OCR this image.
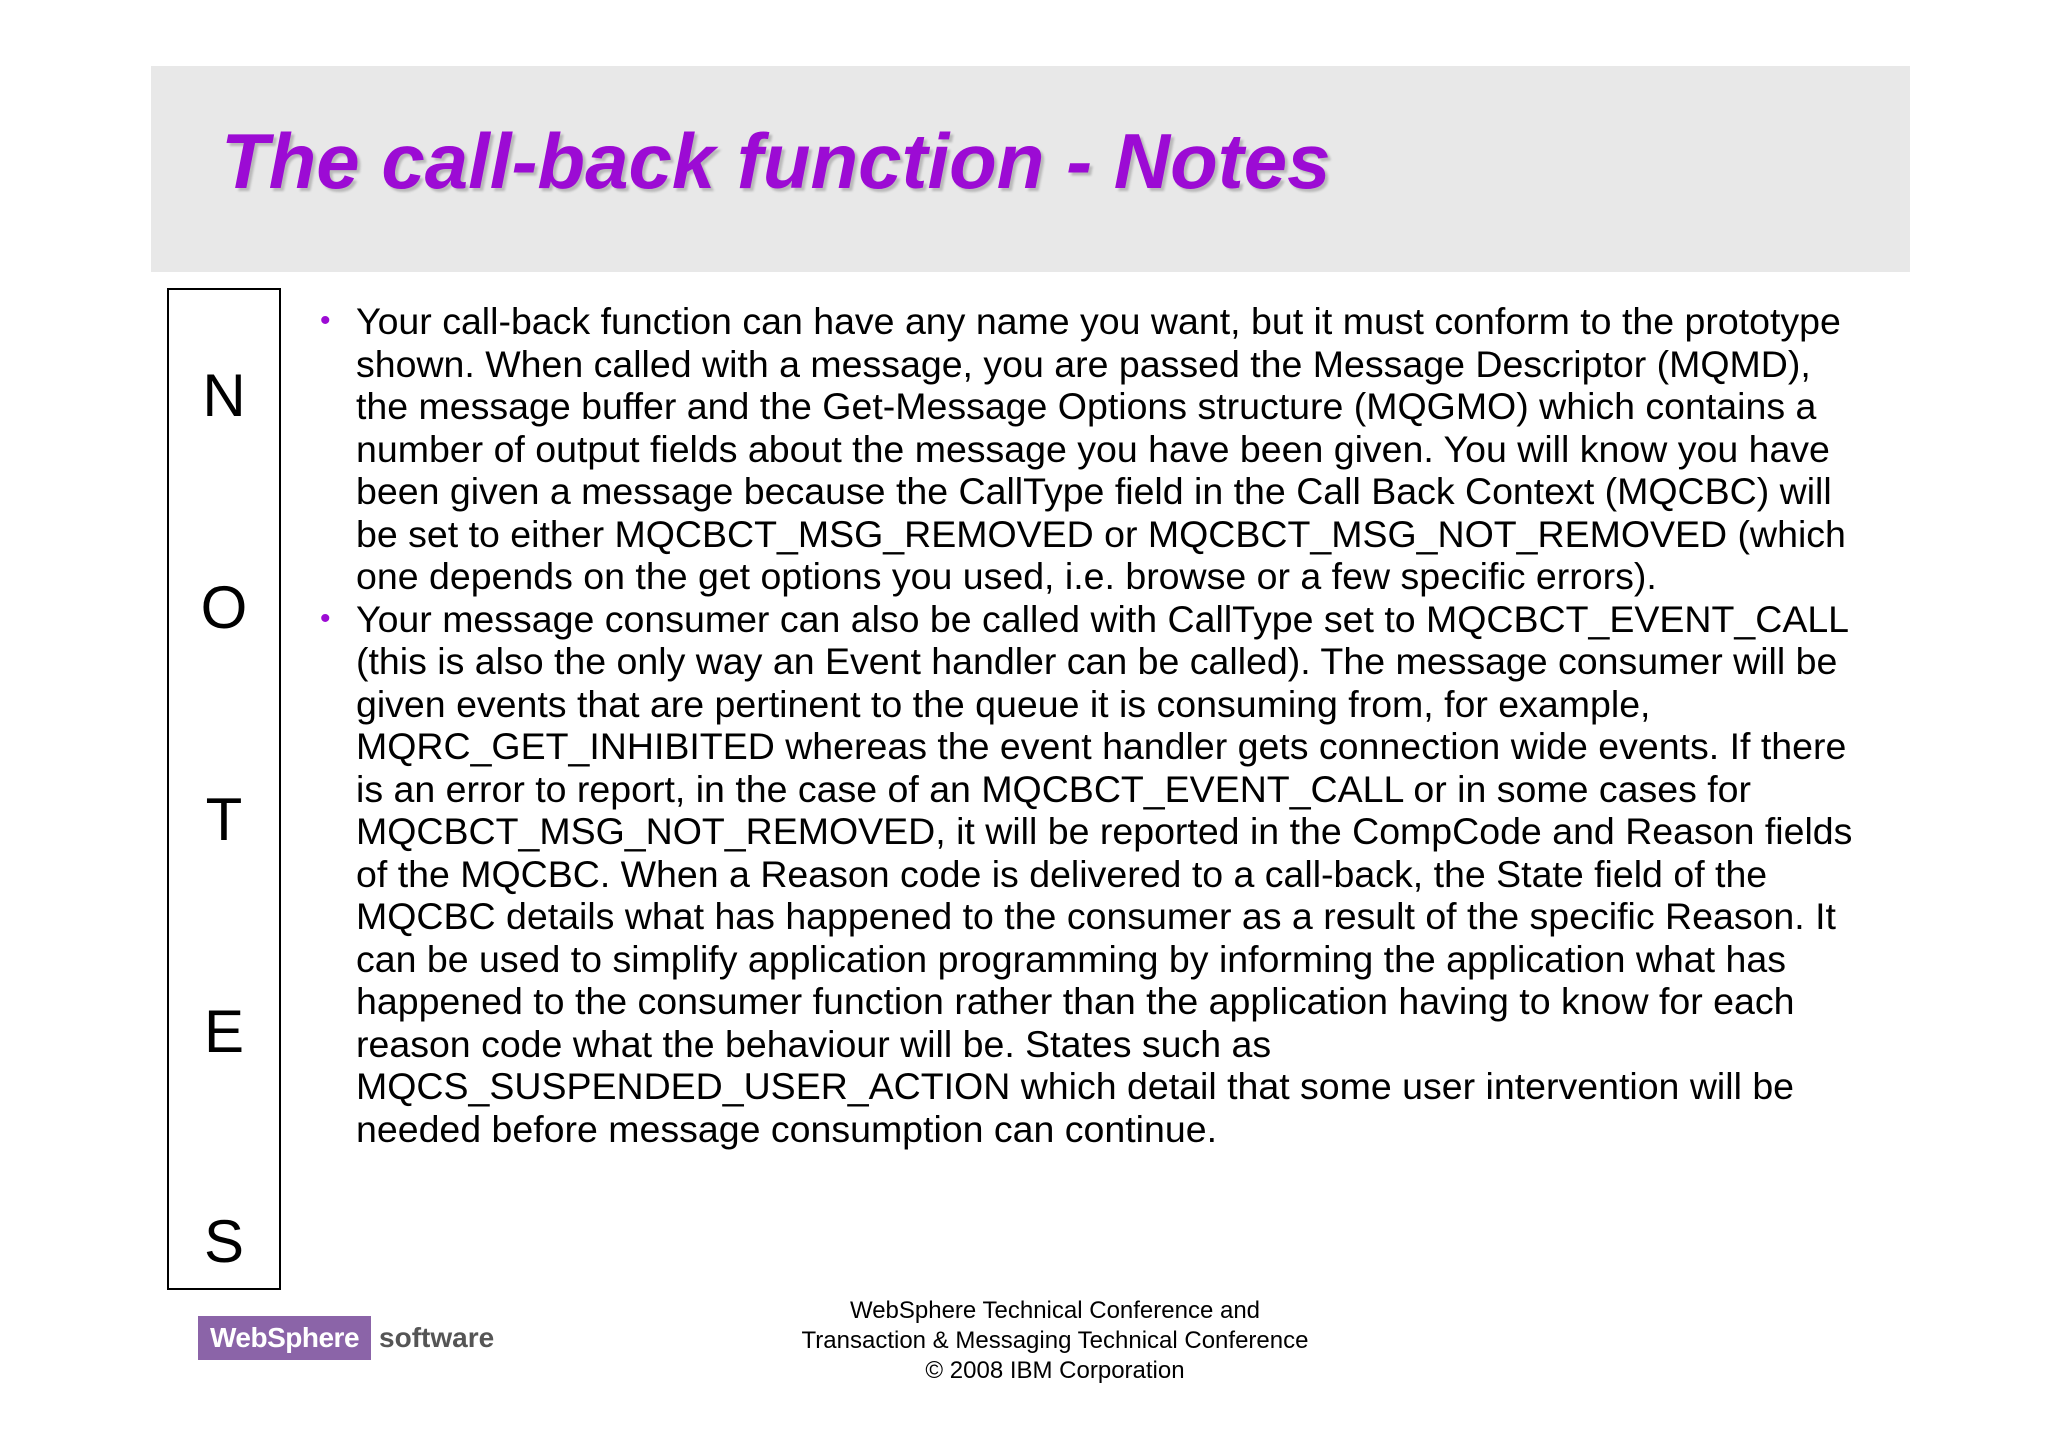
The call-back function - Notes
N
O
T
E
S
• Your call-back function can have any name you want, but it must conform to the prototype shown. When called with a message, you are passed the Message Descriptor (MQMD), the message buffer and the Get-Message Options structure (MQGMO) which contains a number of output fields about the message you have been given. You will know you have been given a message because the CallType field in the Call Back Context (MQCBC) will be set to either MQCBCT_MSG_REMOVED or MQCBCT_MSG_NOT_REMOVED (which one depends on the get options you used, i.e. browse or a few specific errors).
• Your message consumer can also be called with CallType set to MQCBCT_EVENT_CALL (this is also the only way an Event handler can be called). The message consumer will be given events that are pertinent to the queue it is consuming from, for example, MQRC_GET_INHIBITED whereas the event handler gets connection wide events. If there is an error to report, in the case of an MQCBCT_EVENT_CALL or in some cases for MQCBCT_MSG_NOT_REMOVED, it will be reported in the CompCode and Reason fields of the MQCBC. When a Reason code is delivered to a call-back, the State field of the MQCBC details what has happened to the consumer as a result of the specific Reason. It can be used to simplify application programming by informing the application what has happened to the consumer function rather than the application having to know for each reason code what the behaviour will be. States such as MQCS_SUSPENDED_USER_ACTION which detail that some user intervention will be needed before message consumption can continue.
WebSphere software
WebSphere Technical Conference and
Transaction & Messaging Technical Conference
© 2008 IBM Corporation
